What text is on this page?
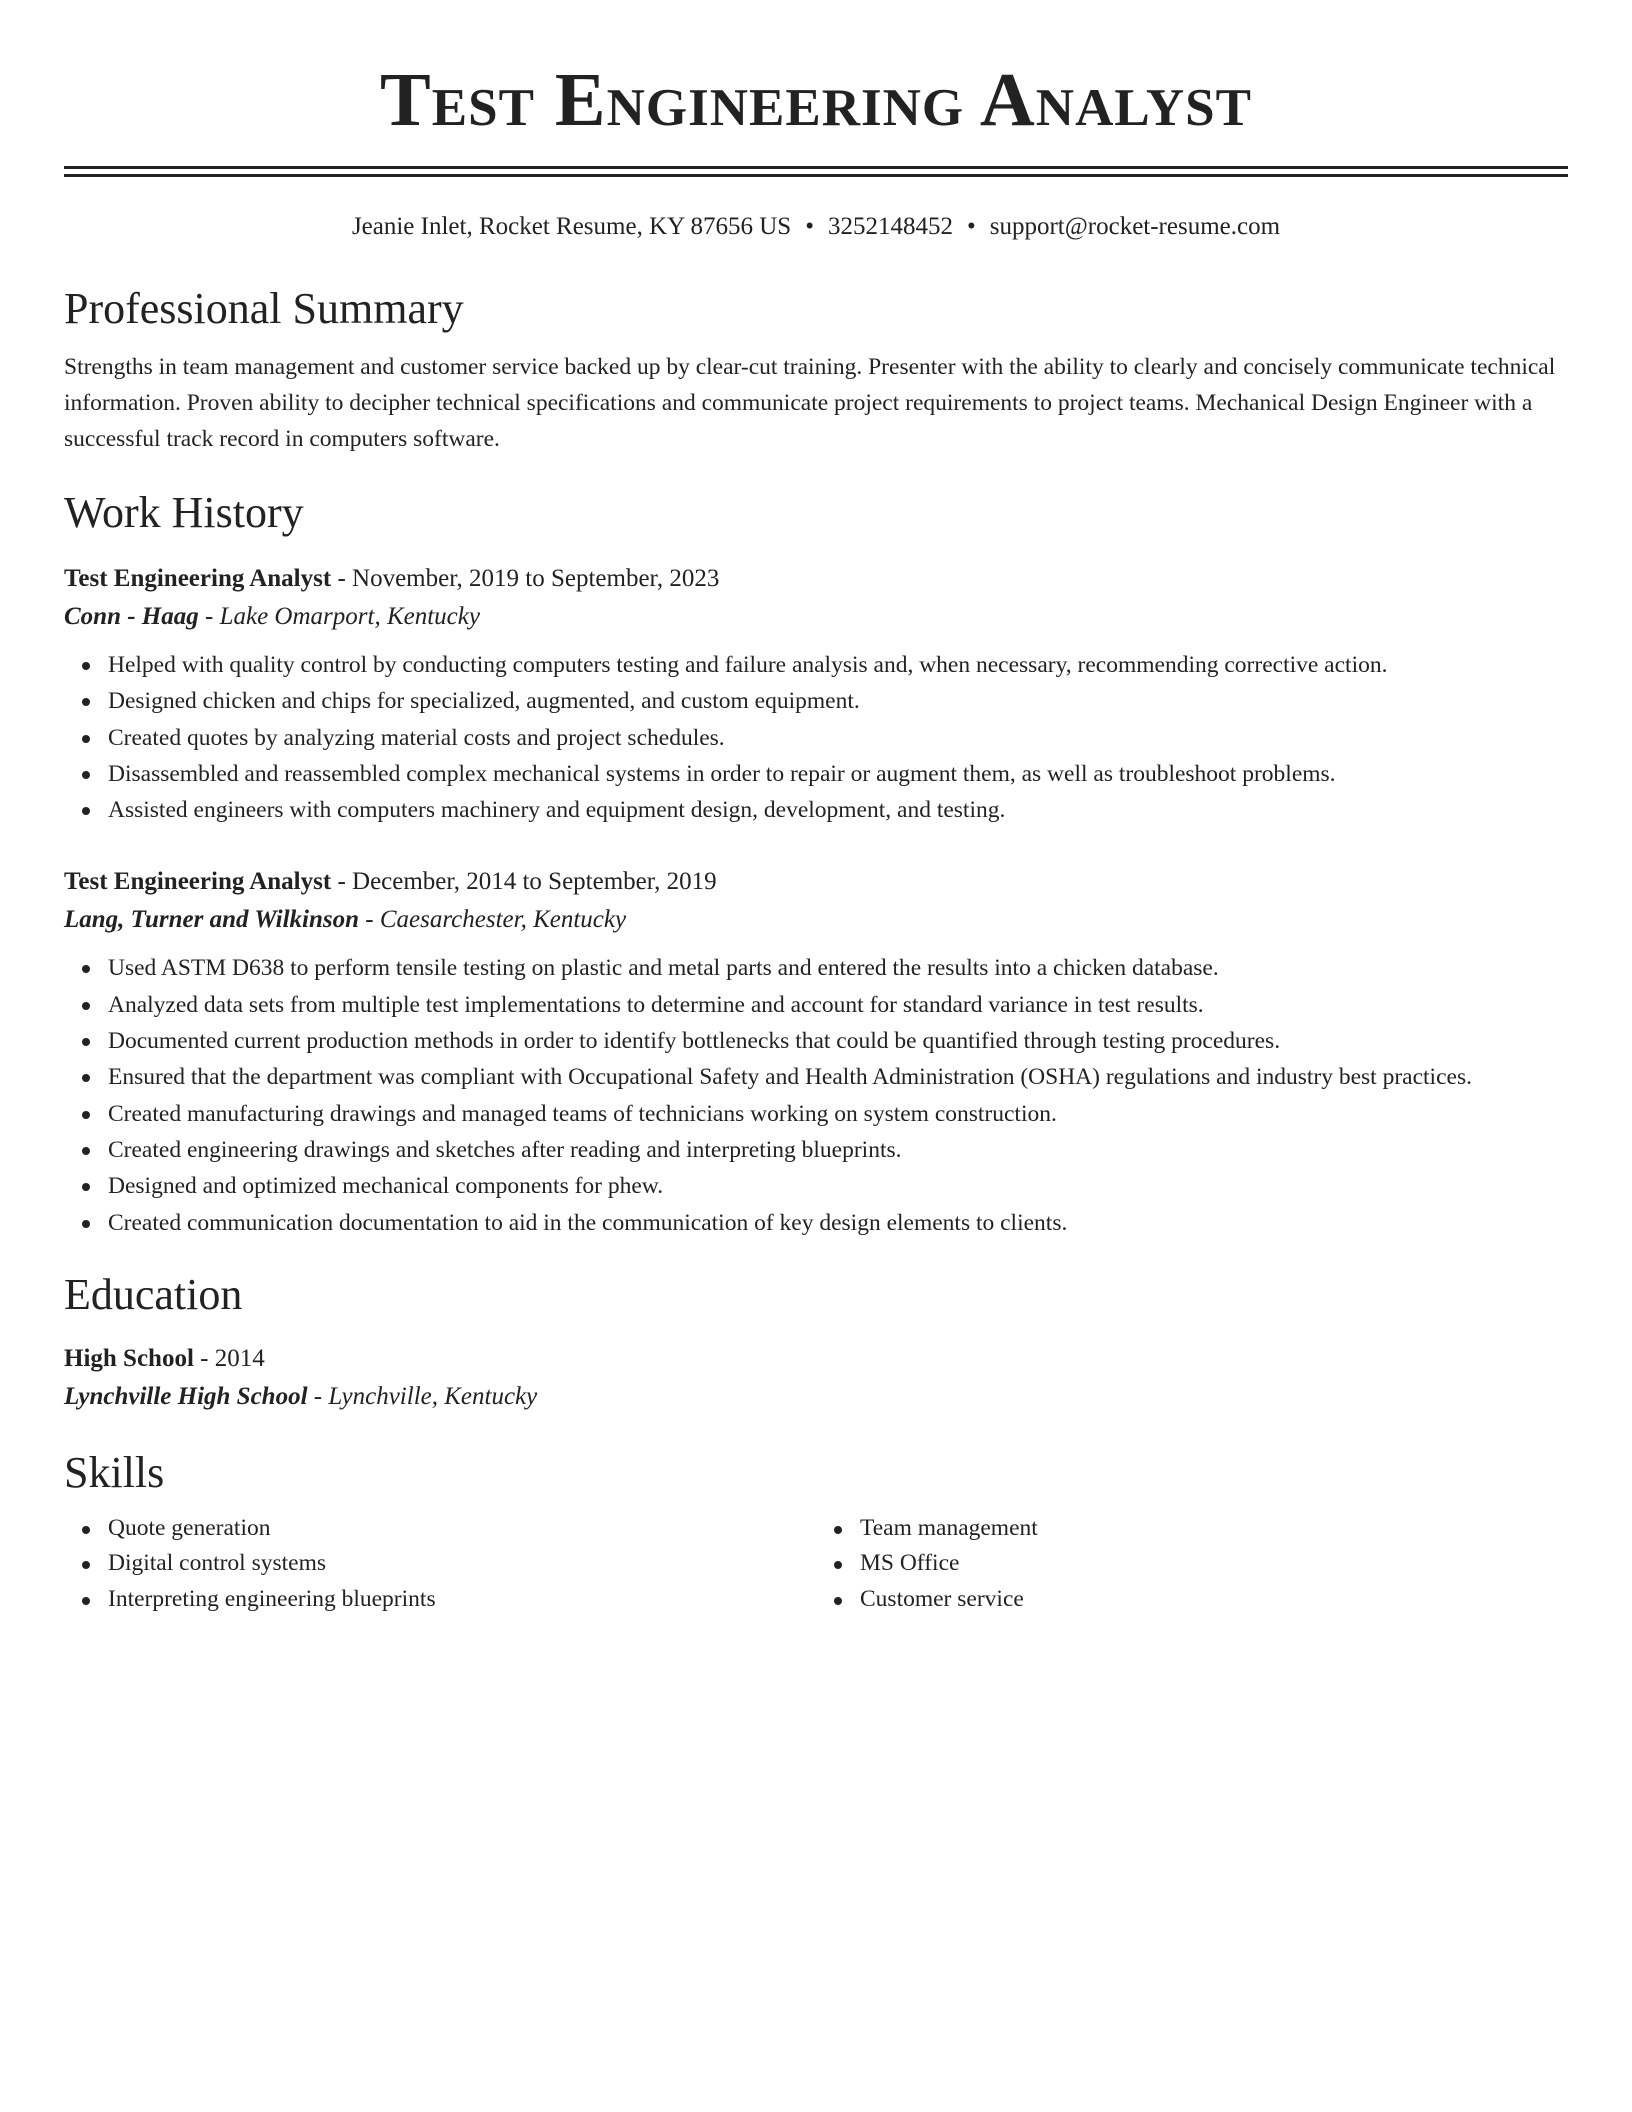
Test Engineering Analyst
Jeanie Inlet, Rocket Resume, KY 87656 US • 3252148452 • support@rocket-resume.com
Professional Summary

Strengths in team management and customer service backed up by clear-cut training. Presenter with the ability to clearly and concisely communicate technical information. Proven ability to decipher technical specifications and communicate project requirements to project teams. Mechanical Design Engineer with a successful track record in computers software.

Work History
Test Engineering Analyst - November, 2019 to September, 2023
Conn - Haag - Lake Omarport, Kentucky
Helped with quality control by conducting computers testing and failure analysis and, when necessary, recommending corrective action.
Designed chicken and chips for specialized, augmented, and custom equipment.
Created quotes by analyzing material costs and project schedules.
Disassembled and reassembled complex mechanical systems in order to repair or augment them, as well as troubleshoot problems.
Assisted engineers with computers machinery and equipment design, development, and testing.
Test Engineering Analyst - December, 2014 to September, 2019
Lang, Turner and Wilkinson - Caesarchester, Kentucky
Used ASTM D638 to perform tensile testing on plastic and metal parts and entered the results into a chicken database.
Analyzed data sets from multiple test implementations to determine and account for standard variance in test results.
Documented current production methods in order to identify bottlenecks that could be quantified through testing procedures.
Ensured that the department was compliant with Occupational Safety and Health Administration (OSHA) regulations and industry best practices.
Created manufacturing drawings and managed teams of technicians working on system construction.
Created engineering drawings and sketches after reading and interpreting blueprints.
Designed and optimized mechanical components for phew.
Created communication documentation to aid in the communication of key design elements to clients.
Education
High School - 2014
Lynchville High School - Lynchville, Kentucky
Skills
Quote generation
Digital control systems
Interpreting engineering blueprints
Team management
MS Office
Customer service
